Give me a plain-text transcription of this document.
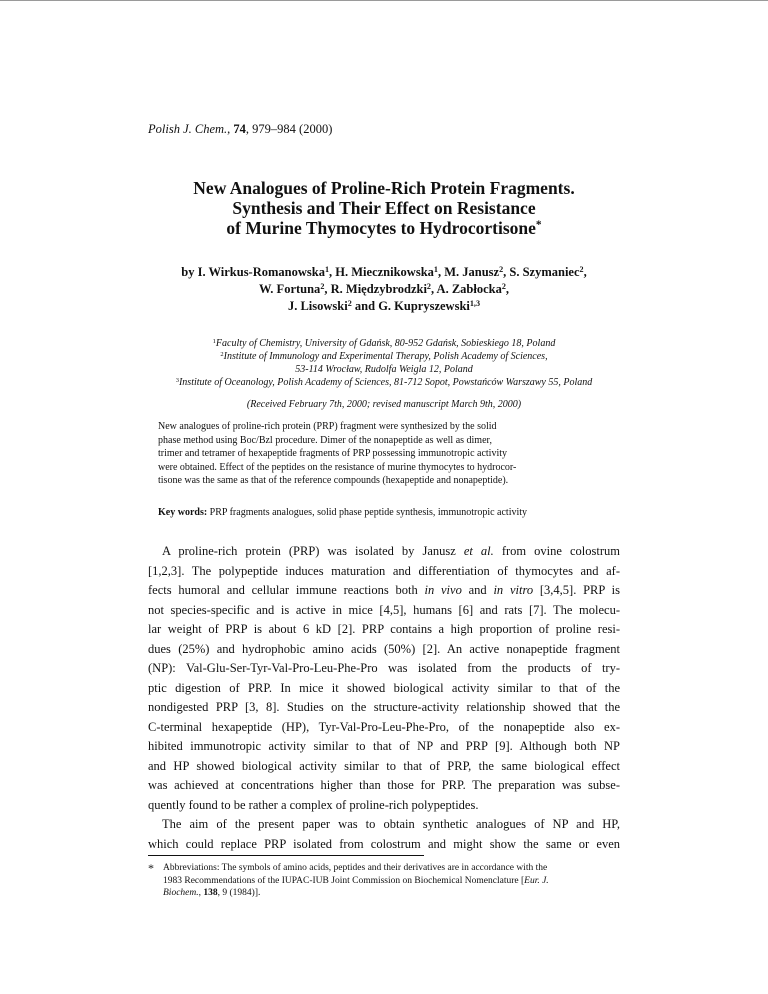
Polish J. Chem., 74, 979–984 (2000)
New Analogues of Proline-Rich Protein Fragments.
Synthesis and Their Effect on Resistance
of Murine Thymocytes to Hydrocortisone*
by I. Wirkus-Romanowska$^1$, H. Miecznikowska$^1$, M. Janusz$^2$, S. Szymaniec$^2$,
W. Fortuna$^2$, R. Międzybrodzki$^2$, A. Zabłocka$^2$,
J. Lisowski$^2$ and G. Kupryszewski$^{1,3}$
$^1$Faculty of Chemistry, University of Gdańsk, 80-952 Gdańsk, Sobieskiego 18, Poland
$^2$Institute of Immunology and Experimental Therapy, Polish Academy of Sciences,
53-114 Wrocław, Rudolfa Weigla 12, Poland
$^3$Institute of Oceanology, Polish Academy of Sciences, 81-712 Sopot, Powstańców Warszawy 55, Poland
(Received February 7th, 2000; revised manuscript March 9th, 2000)
New analogues of proline-rich protein (PRP) fragment were synthesized by the solid
phase method using Boc/Bzl procedure. Dimer of the nonapeptide as well as dimer,
trimer and tetramer of hexapeptide fragments of PRP possessing immunotropic activity
were obtained. Effect of the peptides on the resistance of murine thymocytes to hydrocor-
tisone was the same as that of the reference compounds (hexapeptide and nonapeptide).
Key words: PRP fragments analogues, solid phase peptide synthesis, immunotropic activity
A proline-rich protein (PRP) was isolated by Janusz et al. from ovine colostrum
[1,2,3]. The polypeptide induces maturation and differentiation of thymocytes and af-
fects humoral and cellular immune reactions both in vivo and in vitro [3,4,5]. PRP is
not species-specific and is active in mice [4,5], humans [6] and rats [7]. The molecu-
lar weight of PRP is about 6 kD [2]. PRP contains a high proportion of proline resi-
dues (25%) and hydrophobic amino acids (50%) [2]. An active nonapeptide fragment
(NP): Val-Glu-Ser-Tyr-Val-Pro-Leu-Phe-Pro was isolated from the products of try-
ptic digestion of PRP. In mice it showed biological activity similar to that of the
nondigested PRP [3, 8]. Studies on the structure-activity relationship showed that the
C-terminal hexapeptide (HP), Tyr-Val-Pro-Leu-Phe-Pro, of the nonapeptide also ex-
hibited immunotropic activity similar to that of NP and PRP [9]. Although both NP
and HP showed biological activity similar to that of PRP, the same biological effect
was achieved at concentrations higher than those for PRP. The preparation was subse-
quently found to be rather a complex of proline-rich polypeptides.
The aim of the present paper was to obtain synthetic analogues of NP and HP,
which could replace PRP isolated from colostrum and might show the same or even
* Abbreviations: The symbols of amino acids, peptides and their derivatives are in accordance with the
1983 Recommendations of the IUPAC-IUB Joint Commission on Biochemical Nomenclature [Eur. J.
Biochem., 138, 9 (1984)].
